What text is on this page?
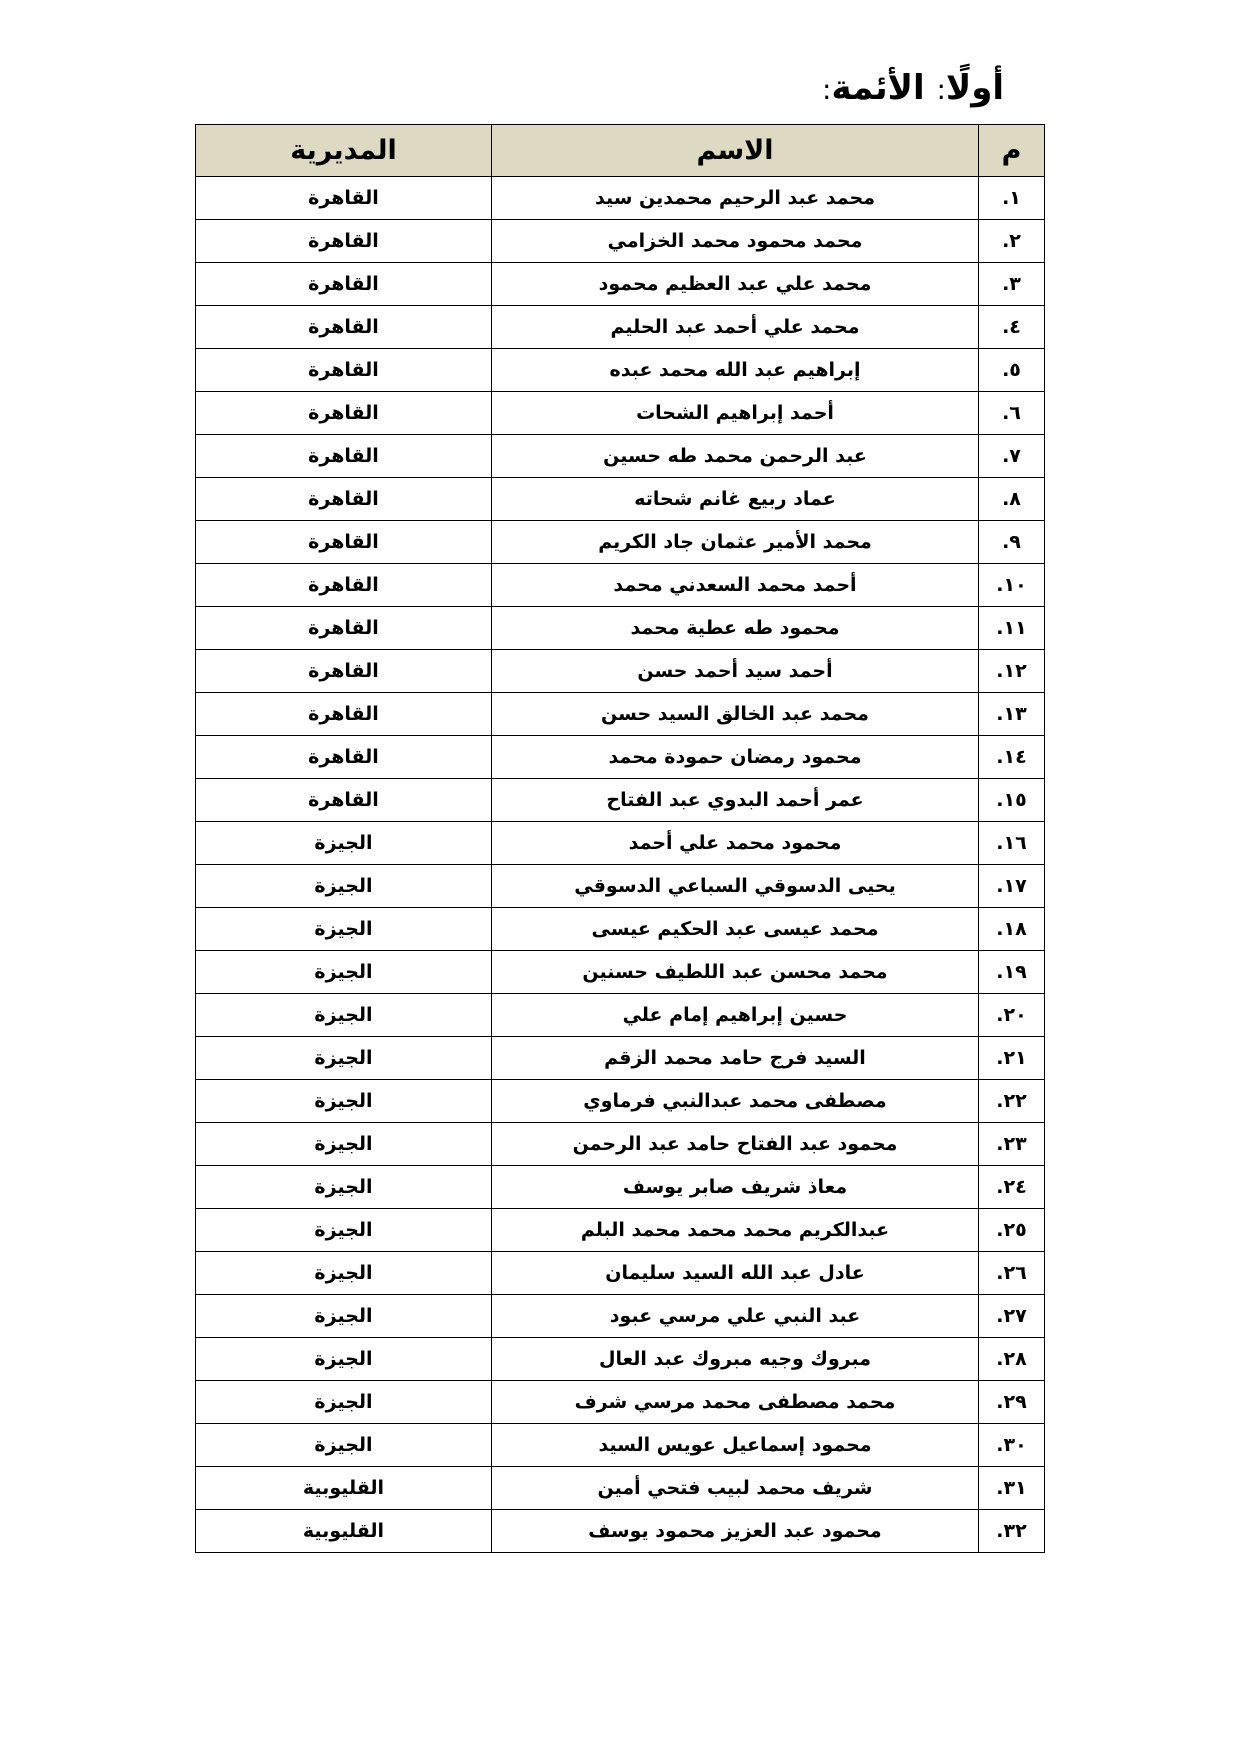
أولًا: الأئمة:
م	الاسم	المديرية
١.	محمد عبد الرحيم محمدين سيد	القاهرة
٢.	محمد محمود محمد الخزامي	القاهرة
٣.	محمد علي عبد العظيم محمود	القاهرة
٤.	محمد علي أحمد عبد الحليم	القاهرة
٥.	إبراهيم عبد الله محمد عبده	القاهرة
٦.	أحمد إبراهيم الشحات	القاهرة
٧.	عبد الرحمن محمد طه حسين	القاهرة
٨.	عماد ربيع غانم شحاته	القاهرة
٩.	محمد الأمير عثمان جاد الكريم	القاهرة
١٠.	أحمد محمد السعدني محمد	القاهرة
١١.	محمود طه عطية محمد	القاهرة
١٢.	أحمد سيد أحمد حسن	القاهرة
١٣.	محمد عبد الخالق السيد حسن	القاهرة
١٤.	محمود رمضان حمودة محمد	القاهرة
١٥.	عمر أحمد البدوي عبد الفتاح	القاهرة
١٦.	محمود محمد علي أحمد	الجيزة
١٧.	يحيى الدسوقي السباعي الدسوقي	الجيزة
١٨.	محمد عيسى عبد الحكيم عيسى	الجيزة
١٩.	محمد محسن عبد اللطيف حسنين	الجيزة
٢٠.	حسين إبراهيم إمام علي	الجيزة
٢١.	السيد فرج حامد محمد الزقم	الجيزة
٢٢.	مصطفى محمد عبدالنبي فرماوي	الجيزة
٢٣.	محمود عبد الفتاح حامد عبد الرحمن	الجيزة
٢٤.	معاذ شريف صابر يوسف	الجيزة
٢٥.	عبدالكريم محمد محمد محمد البلم	الجيزة
٢٦.	عادل عبد الله السيد سليمان	الجيزة
٢٧.	عبد النبي علي مرسي عبود	الجيزة
٢٨.	مبروك وجيه مبروك عبد العال	الجيزة
٢٩.	محمد مصطفى محمد مرسي شرف	الجيزة
٣٠.	محمود إسماعيل عويس السيد	الجيزة
٣١.	شريف محمد لبيب فتحي أمين	القليوبية
٣٢.	محمود عبد العزيز محمود يوسف	القليوبية
